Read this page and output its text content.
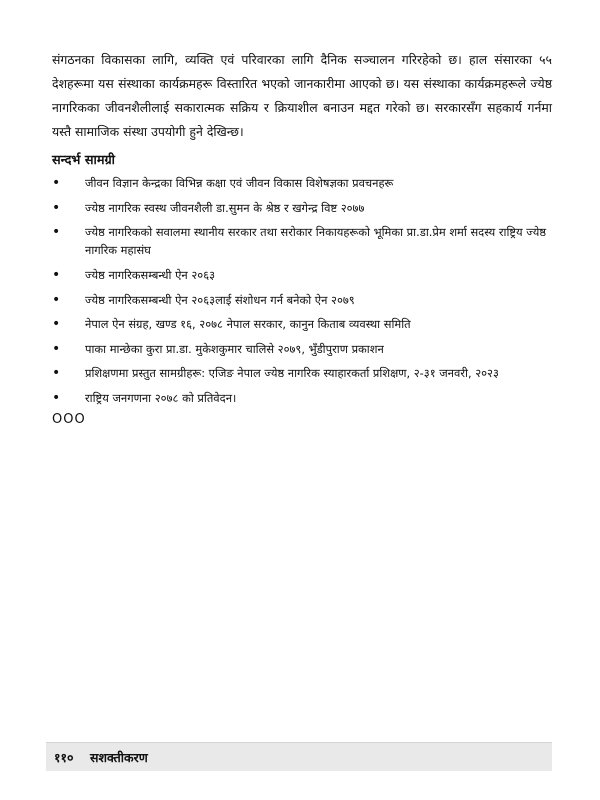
संगठनका विकासका लागि, व्यक्ति एवं परिवारका लागि दैनिक सञ्चालन गरिरहेको छ। हाल संसारका ५५ देशहरूमा यस संस्थाका कार्यक्रमहरू विस्तारित भएको जानकारीमा आएको छ। यस संस्थाका कार्यक्रमहरूले ज्येष्ठ नागरिकका जीवनशैलीलाई सकारात्मक सक्रिय र क्रियाशील बनाउन मद्दत गरेको छ। सरकारसँग सहकार्य गर्नमा यस्तै सामाजिक संस्था उपयोगी हुने देखिन्छ।

सन्दर्भ सामग्री
• जीवन विज्ञान केन्द्रका विभिन्न कक्षा एवं जीवन विकास विशेषज्ञका प्रवचनहरू
• ज्येष्ठ नागरिक स्वस्थ जीवनशैली डा.सुमन के श्रेष्ठ र खगेन्द्र विष्ट २०७७
• ज्येष्ठ नागरिकको सवालमा स्थानीय सरकार तथा सरोकार निकायहरूको भूमिका प्रा.डा.प्रेम शर्मा सदस्य राष्ट्रिय ज्येष्ठ नागरिक महासंघ
• ज्येष्ठ नागरिकसम्बन्धी ऐन २०६३
• ज्येष्ठ नागरिकसम्बन्धी ऐन २०६३लाई संशोधन गर्न बनेको ऐन २०७९
• नेपाल ऐन संग्रह, खण्ड १६, २०७८ नेपाल सरकार, कानुन किताब व्यवस्था समिति
• पाका मान्छेका कुरा प्रा.डा. मुकेशकुमार चालिसे २०७९, भुँडीपुराण प्रकाशन
• प्रशिक्षणमा प्रस्तुत सामग्रीहरू: एजिङ नेपाल ज्येष्ठ नागरिक स्याहारकर्ता प्रशिक्षण, २-३१ जनवरी, २०२३
• राष्ट्रिय जनगणना २०७८ को प्रतिवेदन।
OOO
११० सशक्तीकरण
